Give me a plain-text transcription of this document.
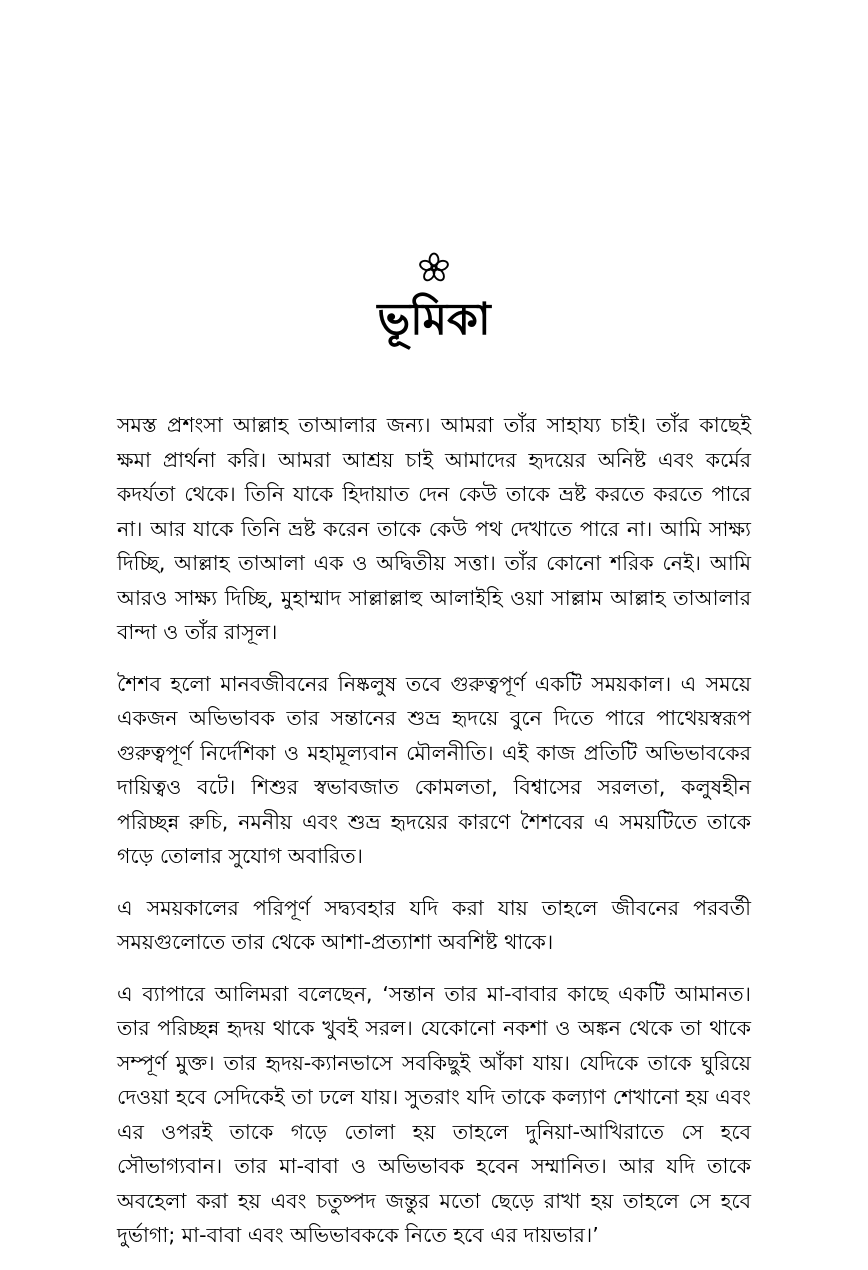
ভূমিকা

সমস্ত প্রশংসা আল্লাহ তাআলার জন্য। আমরা তাঁর সাহায্য চাই। তাঁর কাছেই ক্ষমা প্রার্থনা করি। আমরা আশ্রয় চাই আমাদের হৃদয়ের অনিষ্ট এবং কর্মের কদর্যতা থেকে। তিনি যাকে হিদায়াত দেন কেউ তাকে ভ্রষ্ট করতে করতে পারে না। আর যাকে তিনি ভ্রষ্ট করেন তাকে কেউ পথ দেখাতে পারে না। আমি সাক্ষ্য দিচ্ছি, আল্লাহ তাআলা এক ও অদ্বিতীয় সত্তা। তাঁর কোনো শরিক নেই। আমি আরও সাক্ষ্য দিচ্ছি, মুহাম্মাদ সাল্লাল্লাহু আলাইহি ওয়া সাল্লাম আল্লাহ তাআলার বান্দা ও তাঁর রাসূল।

শৈশব হলো মানবজীবনের নিষ্কলুষ তবে গুরুত্বপূর্ণ একটি সময়কাল। এ সময়ে একজন অভিভাবক তার সন্তানের শুভ্র হৃদয়ে বুনে দিতে পারে পাথেয়স্বরূপ গুরুত্বপূর্ণ নির্দেশিকা ও মহামূল্যবান মৌলনীতি। এই কাজ প্রতিটি অভিভাবকের দায়িত্বও বটে। শিশুর স্বভাবজাত কোমলতা, বিশ্বাসের সরলতা, কলুষহীন পরিচ্ছন্ন রুচি, নমনীয় এবং শুভ্র হৃদয়ের কারণে শৈশবের এ সময়টিতে তাকে গড়ে তোলার সুযোগ অবারিত।

এ সময়কালের পরিপূর্ণ সদ্ব্যবহার যদি করা যায় তাহলে জীবনের পরবর্তী সময়গুলোতে তার থেকে আশা-প্রত্যাশা অবশিষ্ট থাকে।

এ ব্যাপারে আলিমরা বলেছেন, ‘সন্তান তার মা-বাবার কাছে একটি আমানত। তার পরিচ্ছন্ন হৃদয় থাকে খুবই সরল। যেকোনো নকশা ও অঙ্কন থেকে তা থাকে সম্পূর্ণ মুক্ত। তার হৃদয়-ক্যানভাসে সবকিছুই আঁকা যায়। যেদিকে তাকে ঘুরিয়ে দেওয়া হবে সেদিকেই তা ঢলে যায়। সুতরাং যদি তাকে কল্যাণ শেখানো হয় এবং এর ওপরই তাকে গড়ে তোলা হয় তাহলে দুনিয়া-আখিরাতে সে হবে সৌভাগ্যবান। তার মা-বাবা ও অভিভাবক হবেন সম্মানিত। আর যদি তাকে অবহেলা করা হয় এবং চতুষ্পদ জন্তুর মতো ছেড়ে রাখা হয় তাহলে সে হবে দুর্ভাগা; মা-বাবা এবং অভিভাবককে নিতে হবে এর দায়ভার।’
